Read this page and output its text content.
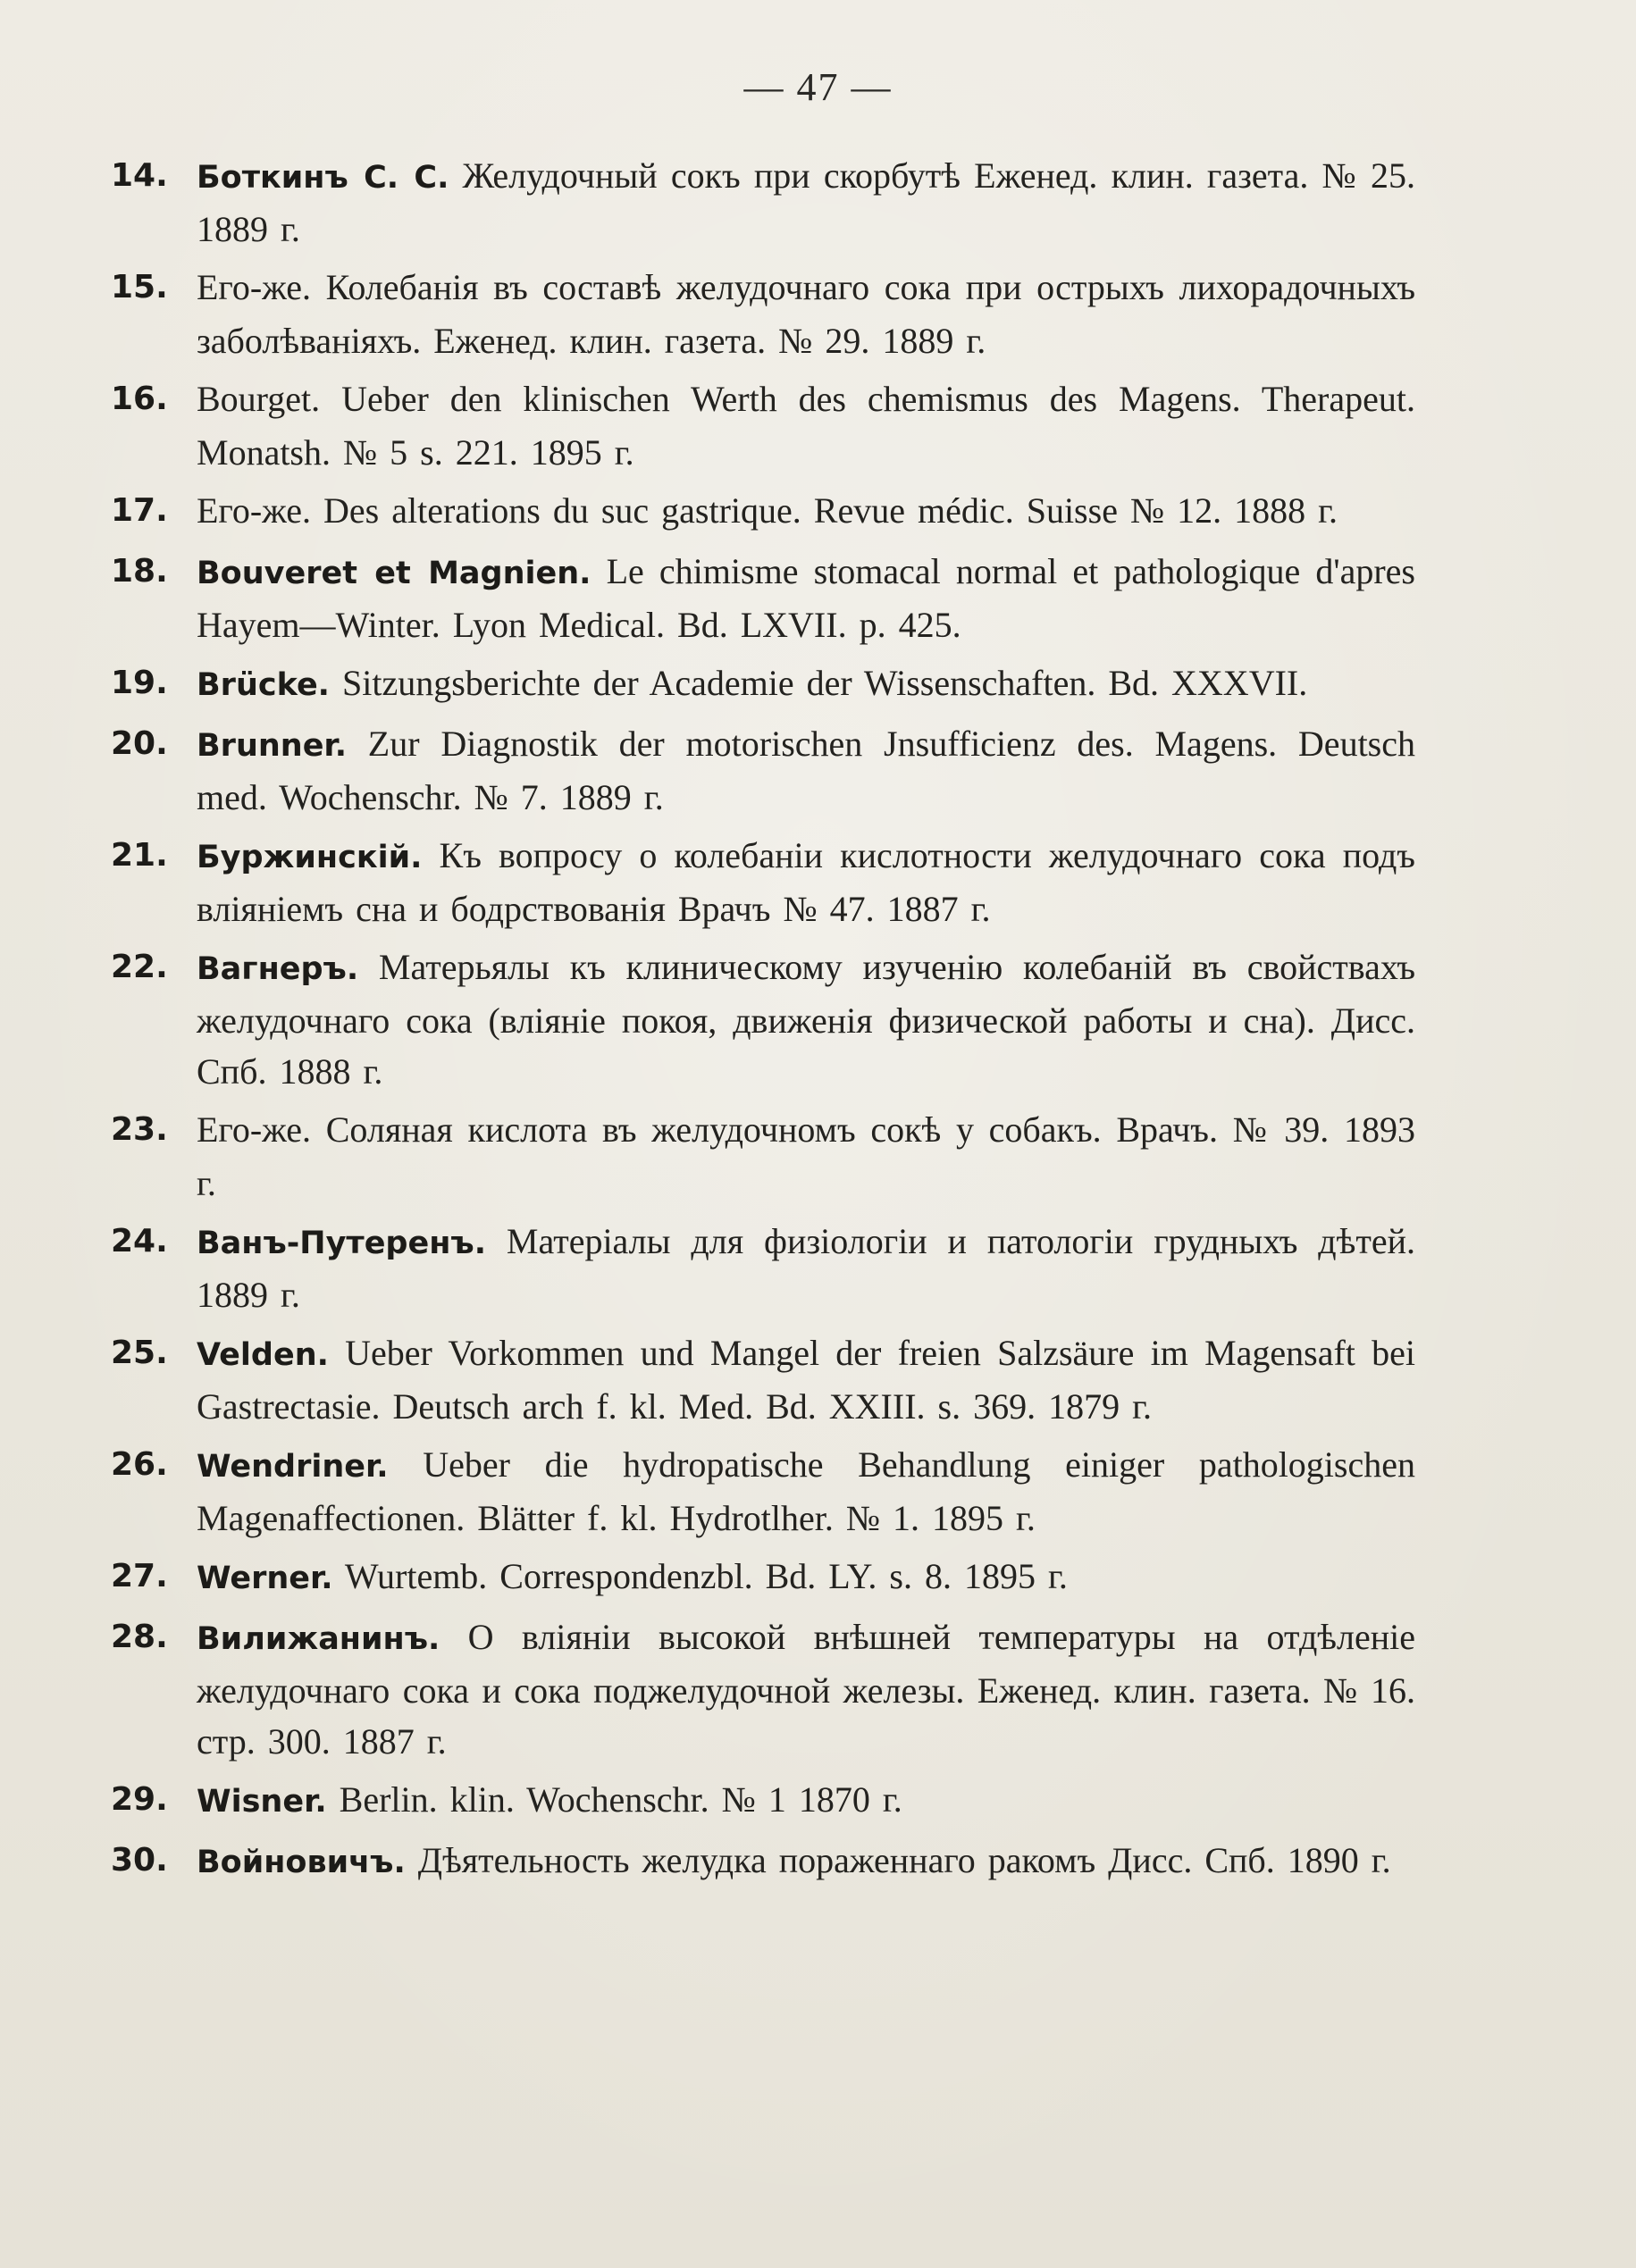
— 47 —
14. Боткинъ С. С. Желудочный сокъ при скорбутѣ Еженед. клин. газета. № 25. 1889 г.
15. Его-же. Колебанія въ составѣ желудочнаго сока при острыхъ лихорадочныхъ заболѣваніяхъ. Еженед. клин. газета. № 29. 1889 г.
16. Bourget. Ueber den klinischen Werth des chemismus des Magens. Therapeut. Monatsh. № 5 s. 221. 1895 г.
17. Его-же. Des alterations du suc gastrique. Revue médic. Suisse № 12. 1888 г.
18. Bouveret et Magnien. Le chimisme stomacal normal et pathologique d'apres Hayem—Winter. Lyon Medical. Bd. LXVII. p. 425.
19. Brücke. Sitzungsberichte der Academie der Wissenschaften. Bd. XXXVII.
20. Brunner. Zur Diagnostik der motorischen Jnsufficienz des. Magens. Deutsch med. Wochenschr. № 7. 1889 г.
21. Буржинскій. Къ вопросу о колебаніи кислотности желудочнаго сока подъ вліяніемъ сна и бодрствованія Врачъ № 47. 1887 г.
22. Вагнеръ. Матерьялы къ клиническому изученію колебаній въ свойствахъ желудочнаго сока (вліяніе покоя, движенія физической работы и сна). Дисс. Спб. 1888 г.
23. Его-же. Соляная кислота въ желудочномъ сокѣ у собакъ. Врачъ. № 39. 1893 г.
24. Ванъ-Путеренъ. Матеріалы для физіологіи и патологіи грудныхъ дѣтей. 1889 г.
25. Velden. Ueber Vorkommen und Mangel der freien Salzsäure im Magensaft bei Gastrectasie. Deutsch arch f. kl. Med. Bd. XXIII. s. 369. 1879 г.
26. Wendriner. Ueber die hydropatische Behandlung einiger pathologischen Magenaffectionen. Blätter f. kl. Hydrotlher. № 1. 1895 г.
27. Werner. Wurtemb. Correspondenzbl. Bd. LY. s. 8. 1895 г.
28. Вилижанинъ. О вліяніи высокой внѣшней температуры на отдѣленіе желудочнаго сока и сока поджелудочной железы. Еженед. клин. газета. № 16. стр. 300. 1887 г.
29. Wisner. Berlin. klin. Wochenschr. № 1 1870 г.
30. Войновичъ. Дѣятельность желудка пораженнаго ракомъ Дисс. Спб. 1890 г.
